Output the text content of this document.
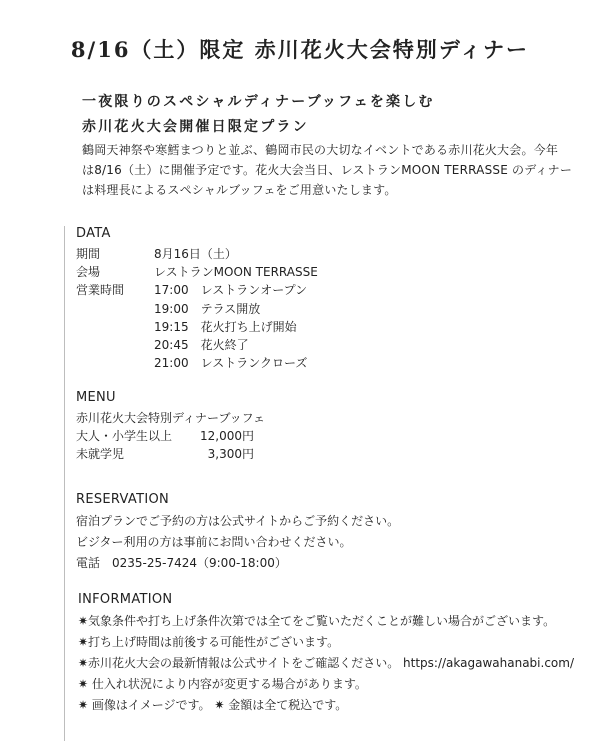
8/16（土）限定 赤川花火大会特別ディナー
一夜限りのスペシャルディナーブッフェを楽しむ
赤川花火大会開催日限定プラン
鶴岡天神祭や寒鱈まつりと並ぶ、鶴岡市民の大切なイベントである赤川花火大会。今年
は8/16（土）に開催予定です。花火大会当日、レストランMOON TERRASSE のディナー
は料理長によるスペシャルブッフェをご用意いたします。
DATA
期間	8月16日（土）
会場	レストランMOON TERRASSE
営業時間 17:00　レストランオープン
19:00　テラス開放
19:15　花火打ち上げ開始
20:45　花火終了
21:00　レストランクローズ
MENU
赤川花火大会特別ディナーブッフェ
大人・小学生以上 12,000円
未就学児	3,300円
RESERVATION
宿泊プランでご予約の方は公式サイトからご予約ください。
ビジター利用の方は事前にお問い合わせください。
電話　0235-25-7424（9:00-18:00）
INFORMATION
✷気象条件や打ち上げ条件次第では全てをご覧いただくことが難しい場合がございます。
✷打ち上げ時間は前後する可能性がございます。
✷赤川花火大会の最新情報は公式サイトをご確認ください。 https://akagawahanabi.com/
✷ 仕入れ状況により内容が変更する場合があります。
✷ 画像はイメージです。 ✷ 金額は全て税込です。
